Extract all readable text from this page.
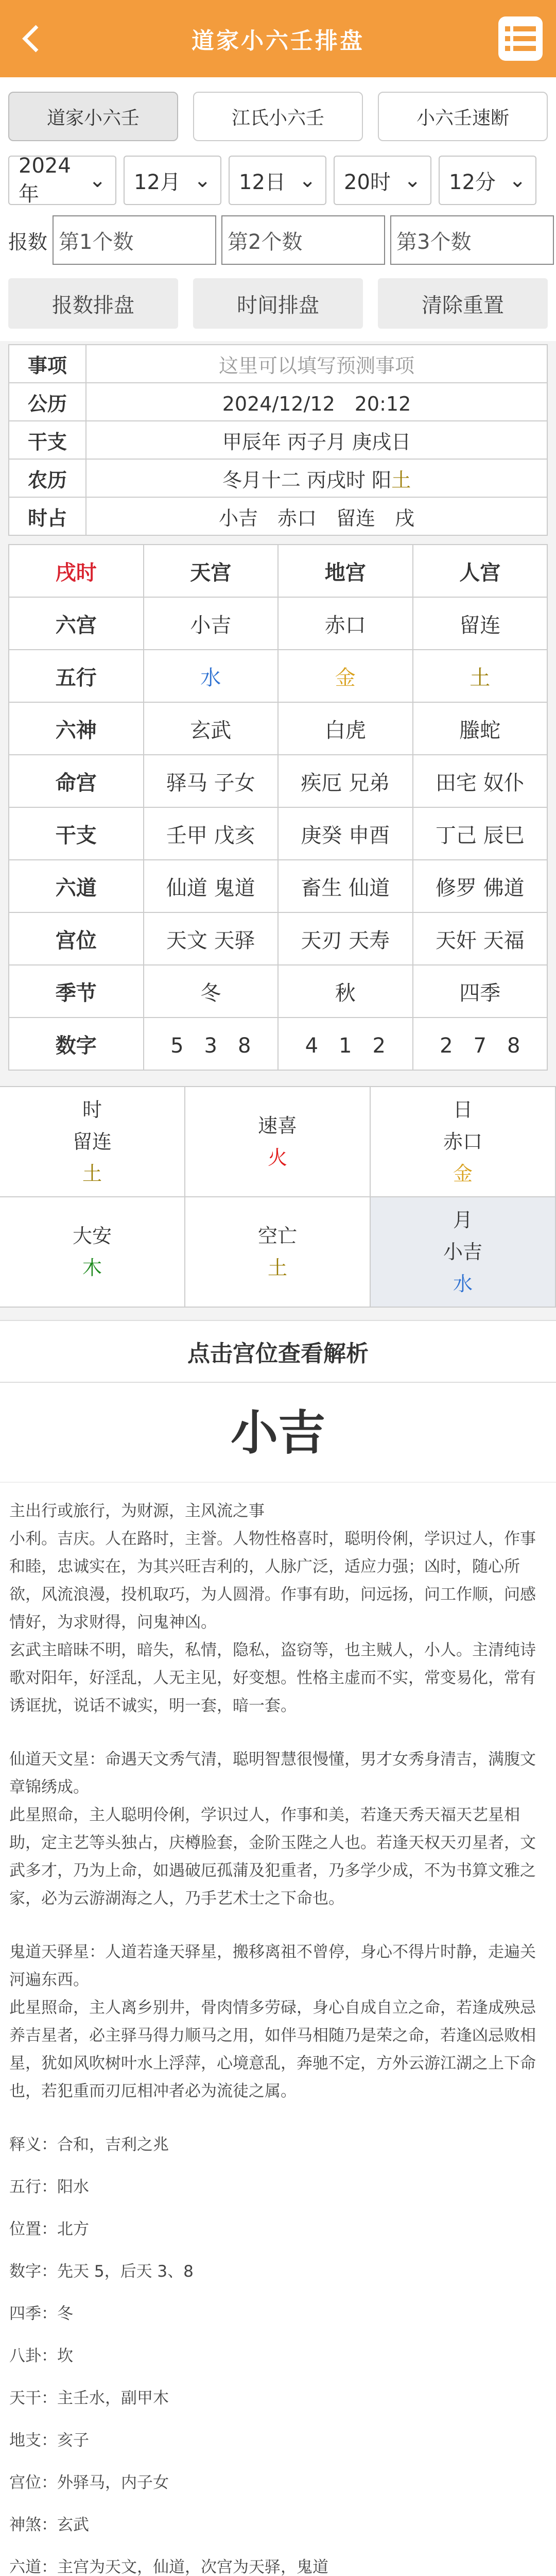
道家小六壬排盘
道家小六壬	江氏小六壬	小六壬速断
2024年
⌄ 12月 ⌄ 12日 ⌄ 20时 ⌄ 12分 ⌄
报数 第1个数	第2个数	第3个数
报数排盘	时间排盘	清除重置
事项	这里可以填写预测事项
公历	2024/12/12　20:12
干支	甲辰年 丙子月 庚戌日
农历	冬月十二 丙戌时 阳土
时占	小吉　赤口　留连　戌
戌时	天宫	地宫	人宫
六宫	小吉	赤口	留连
五行	水	金	土
六神	玄武	白虎	螣蛇
命宫	驿马 子女	疾厄 兄弟	田宅 奴仆
干支	壬甲 戊亥	庚癸 申酉	丁己 辰巳
六道	仙道 鬼道	畜生 仙道	修罗 佛道
宫位	天文 天驿	天刃 天寿	天奸 天福
季节	冬	秋	四季
数字	5　3　8	4　1　2	2　7　8
时
留连
土
速喜
火
日
赤口
金
大安
木
空亡
土
月
小吉
水
点击宫位查看解析
小吉
主出行或旅行，为财源，主风流之事
小利。吉庆。人在路时，主誉。人物性格喜时，聪明伶俐，学识过人，作事和睦，忠诚实在，为其兴旺吉利的，人脉广泛，适应力强；凶时，随心所欲，风流浪漫，投机取巧，为人圆滑。作事有助，问远扬，问工作顺，问感情好，为求财得，问鬼神凶。
玄武主暗昧不明，暗失，私情，隐私，盗窃等，也主贼人，小人。主清纯诗歌对阳年，好淫乱，人无主见，好变想。性格主虚而不实，常变易化，常有诱诓扰，说话不诚实，明一套，暗一套。
仙道天文星：命遇天文秀气清，聪明智慧很慢懂，男才女秀身清吉，满腹文章锦绣成。
此星照命，主人聪明伶俐，学识过人，作事和美，若逢天秀天福天艺星相助，定主艺等头独占，庆樽脸套，金阶玉陛之人也。若逢天权天刃星者，文武多才，乃为上命，如遇破厄孤蒲及犯重者，乃多学少成，不为书算文雅之家，必为云游湖海之人，乃手艺术士之下命也。
鬼道天驿星：人道若逢天驿星，搬移离祖不曾停，身心不得片时静，走遍关河遍东西。
此星照命，主人离乡别井，骨肉情多劳碌，身心自成自立之命，若逢成殃忌养吉星者，必主驿马得力顺马之用，如伴马相随乃是荣之命，若逢凶忌败相星，犹如风吹树叶水上浮萍，心境意乱，奔驰不定，方外云游江湖之上下命也，若犯重而刃厄相冲者必为流徒之属。
释义：合和，吉利之兆
五行：阳水
位置：北方
数字：先天 5，后天 3、8
四季：冬
八卦：坎
天干：主壬水，副甲木
地支：亥子
宫位：外驿马，内子女
神煞：玄武
六道：主宫为天文，仙道，次宫为天驿，鬼道
